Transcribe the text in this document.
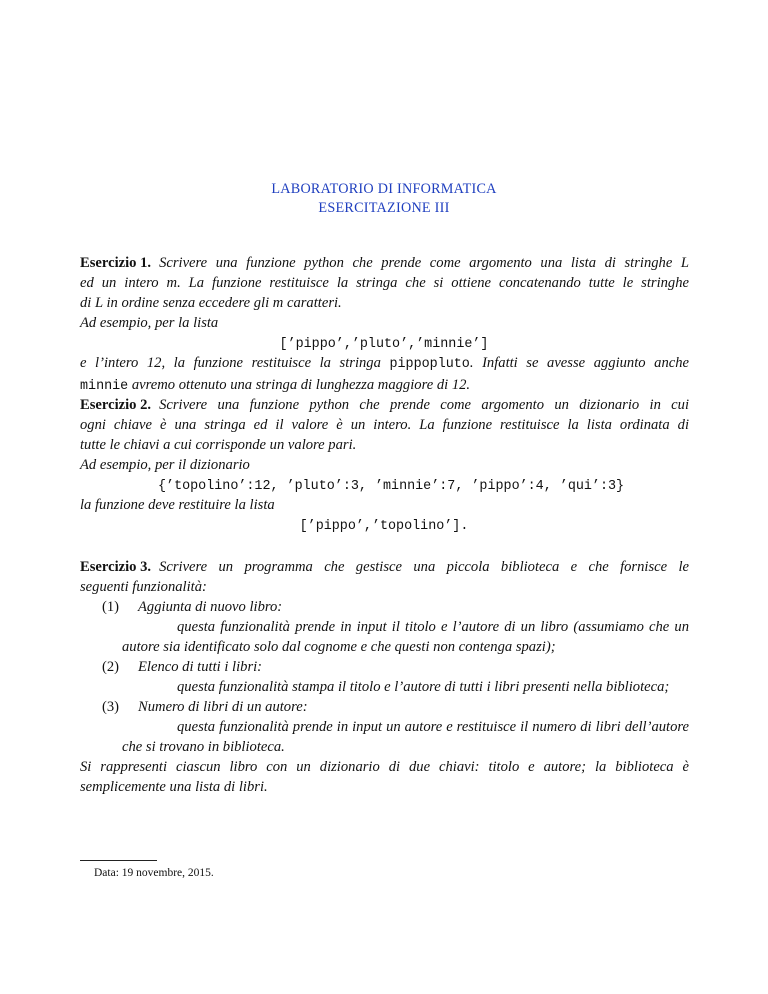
LABORATORIO DI INFORMATICA
ESERCITAZIONE III
Esercizio 1. Scrivere una funzione python che prende come argomento una lista di stringhe L
ed un intero m. La funzione restituisce la stringa che si ottiene concatenando tutte le stringhe
di L in ordine senza eccedere gli m caratteri.
Ad esempio, per la lista
[’pippo’,’pluto’,’minnie’]
e l’intero 12, la funzione restituisce la stringa pippopluto. Infatti se avesse aggiunto anche
minnie avremo ottenuto una stringa di lunghezza maggiore di 12.
Esercizio 2. Scrivere una funzione python che prende come argomento un dizionario in cui
ogni chiave è una stringa ed il valore è un intero. La funzione restituisce la lista ordinata di
tutte le chiavi a cui corrisponde un valore pari.
Ad esempio, per il dizionario
{’topolino’:12, ’pluto’:3, ’minnie’:7, ’pippo’:4, ’qui’:3}
la funzione deve restituire la lista
[’pippo’,’topolino’].
Esercizio 3. Scrivere un programma che gestisce una piccola biblioteca e che fornisce le
seguenti funzionalità:
(1) Aggiunta di nuovo libro:
questa funzionalità prende in input il titolo e l’autore di un libro (assumiamo che un
autore sia identificato solo dal cognome e che questi non contenga spazi);
(2) Elenco di tutti i libri:
questa funzionalità stampa il titolo e l’autore di tutti i libri presenti nella biblioteca;
(3) Numero di libri di un autore:
questa funzionalità prende in input un autore e restituisce il numero di libri dell’autore
che si trovano in biblioteca.
Si rappresenti ciascun libro con un dizionario di due chiavi: titolo e autore; la biblioteca è
semplicemente una lista di libri.
Data: 19 novembre, 2015.
